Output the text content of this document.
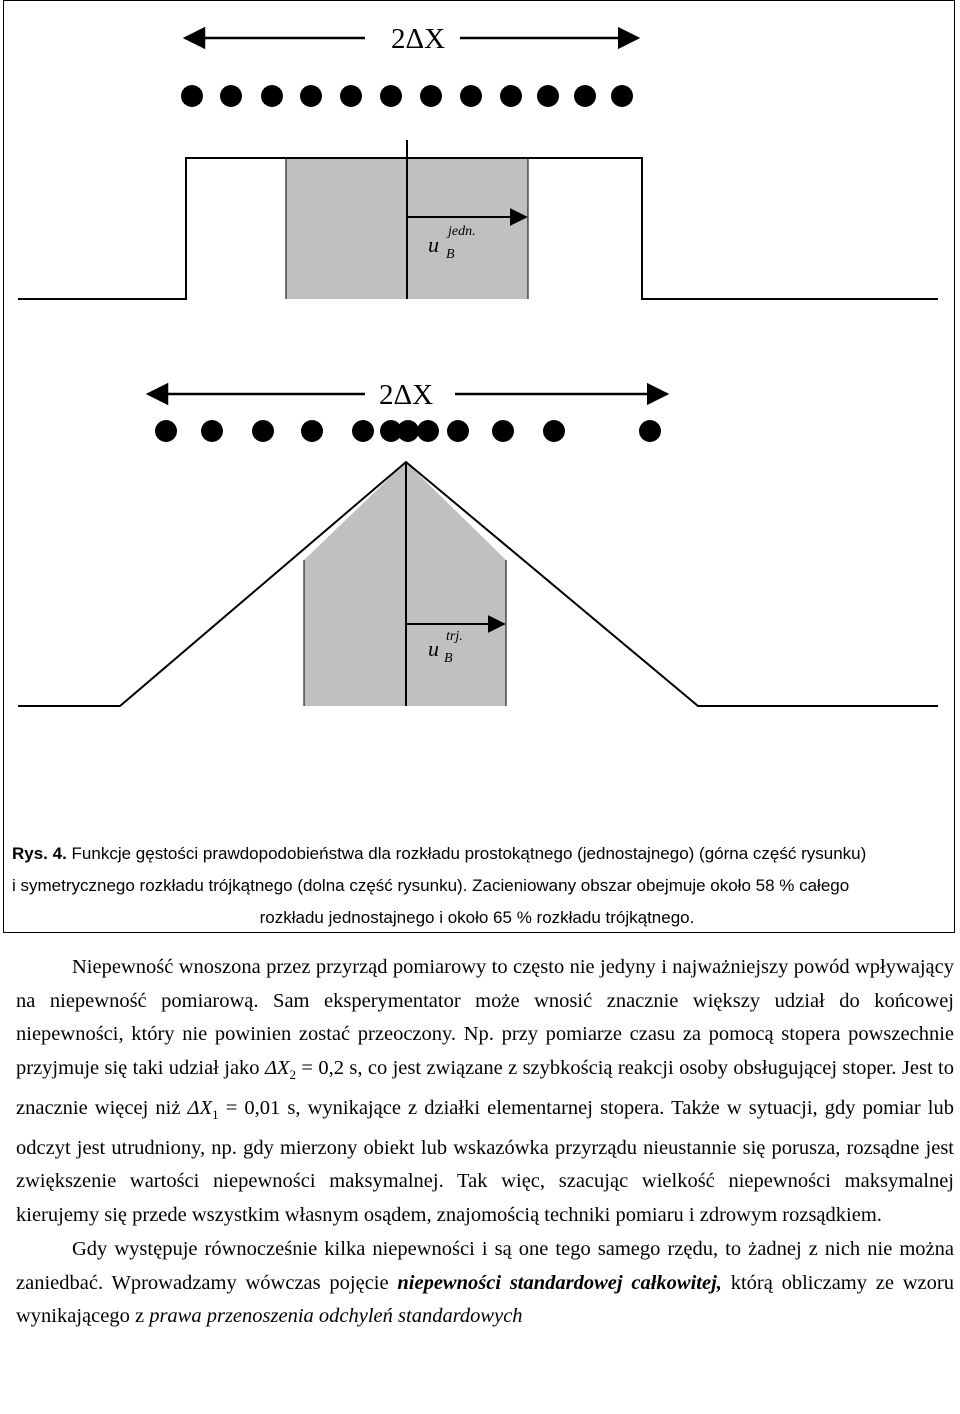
2ΔX
u B
jedn.
2ΔX
u B
trj.
Rys. 4. Funkcje gęstości prawdopodobieństwa dla rozkładu prostokątnego (jednostajnego) (górna część rysunku)
i symetrycznego rozkładu trójkątnego (dolna część rysunku). Zacieniowany obszar obejmuje około 58 % całego
rozkładu jednostajnego i około 65 % rozkładu trójkątnego.

Niepewność wnoszona przez przyrząd pomiarowy to często nie jedyny i najważniejszy powód wpływający na niepewność pomiarową. Sam eksperymentator może wnosić znacznie większy udział do końcowej niepewności, który nie powinien zostać przeoczony. Np. przy pomiarze czasu za pomocą stopera powszechnie przyjmuje się taki udział jako $\Delta X_2 = 0,2$ s, co jest związane z szybkością reakcji osoby obsługującej stoper. Jest to znacznie więcej niż $\Delta X_1 = 0,01$ s, wynikające z działki elementarnej stopera. Także w sytuacji, gdy pomiar lub odczyt jest utrudniony, np. gdy mierzony obiekt lub wskazówka przyrządu nieustannie się porusza, rozsądne jest zwiększenie wartości niepewności maksymalnej. Tak więc, szacując wielkość niepewności maksymalnej kierujemy się przede wszystkim własnym osądem, znajomością techniki pomiaru i zdrowym rozsądkiem.

Gdy występuje równocześnie kilka niepewności i są one tego samego rzędu, to żadnej z nich nie można zaniedbać. Wprowadzamy wówczas pojęcie niepewności standardowej całkowitej, którą obliczamy ze wzoru wynikającego z prawa przenoszenia odchyleń standardowych
